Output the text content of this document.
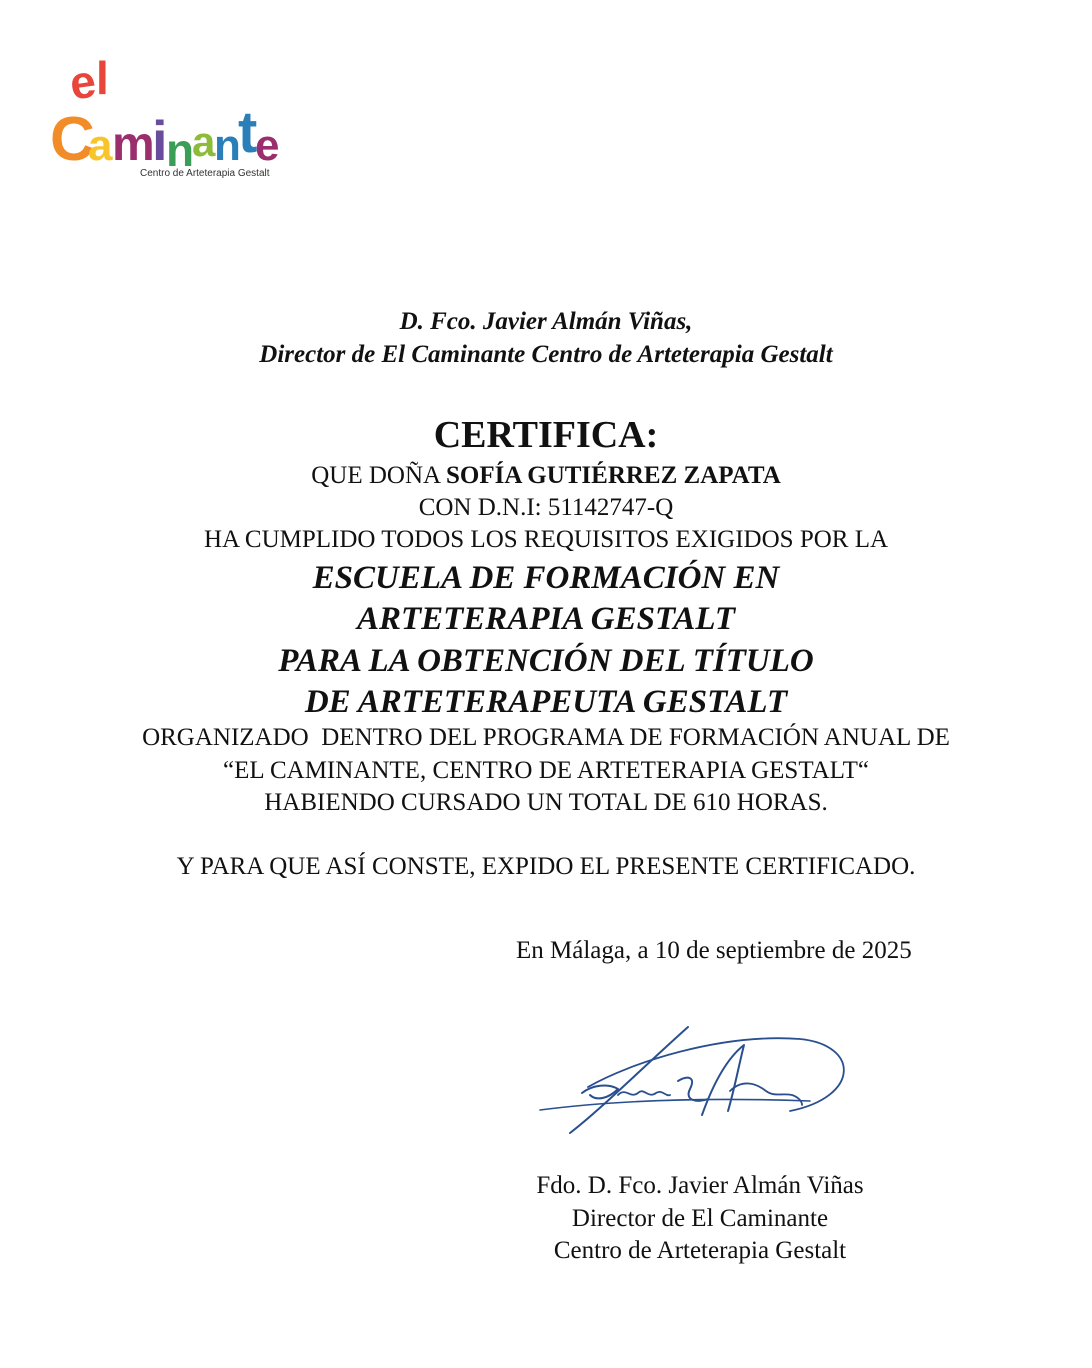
e
l
C
a m
i
n
a
n
t
e
Centro de Arteterapia Gestalt
D. Fco. Javier Almán Viñas,
Director de El Caminante Centro de Arteterapia Gestalt
CERTIFICA:
QUE DOÑA SOFÍA GUTIÉRREZ ZAPATA
CON D.N.I: 51142747-Q
HA CUMPLIDO TODOS LOS REQUISITOS EXIGIDOS POR LA
ESCUELA DE FORMACIÓN EN
ARTETERAPIA GESTALT
PARA LA OBTENCIÓN DEL TÍTULO
DE ARTETERAPEUTA GESTALT
ORGANIZADO  DENTRO DEL PROGRAMA DE FORMACIÓN ANUAL DE
“EL CAMINANTE, CENTRO DE ARTETERAPIA GESTALT“
HABIENDO CURSADO UN TOTAL DE 610 HORAS.
Y PARA QUE ASÍ CONSTE, EXPIDO EL PRESENTE CERTIFICADO.
En Málaga, a 10 de septiembre de 2025
Fdo. D. Fco. Javier Almán Viñas
Director de El Caminante
Centro de Arteterapia Gestalt
